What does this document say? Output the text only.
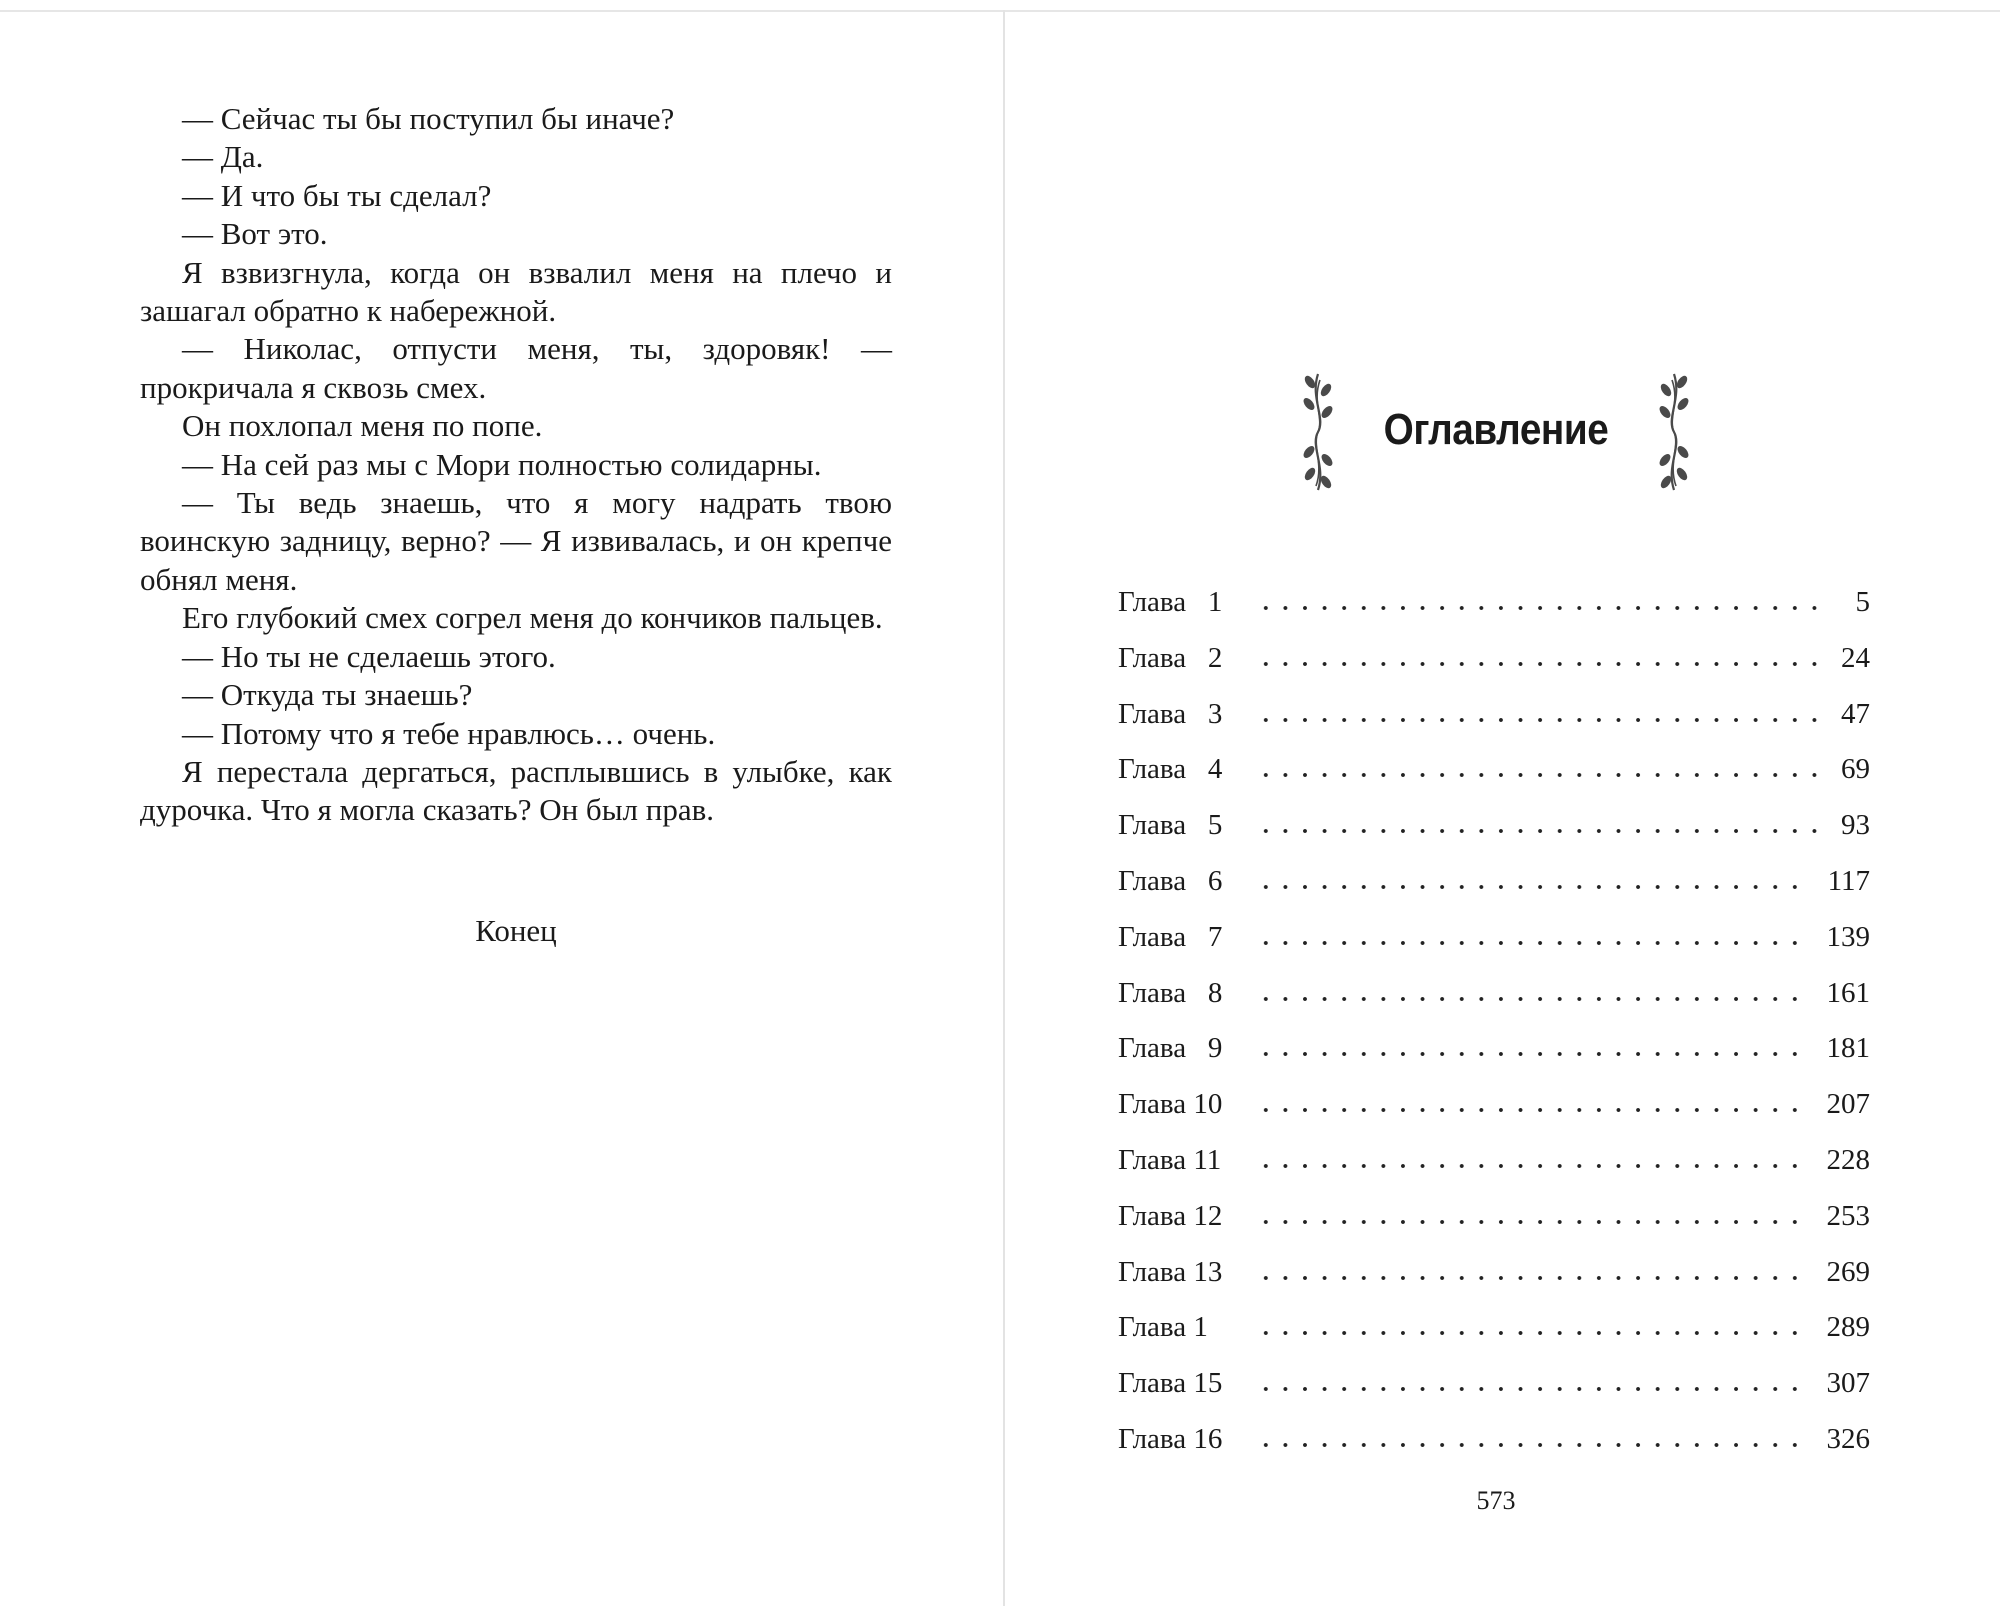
— Сейчас ты бы поступил бы иначе?

— Да.

— И что бы ты сделал?

— Вот это.

Я взвизгнула, когда он взвалил меня на плечо и зашагал обратно к набережной.

— Николас, отпусти меня, ты, здоровяк! — прокричала я сквозь смех.

Он похлопал меня по попе.

— На сей раз мы с Мори полностью солидарны.

— Ты ведь знаешь, что я могу надрать твою воинскую задницу, верно? — Я извивалась, и он крепче обнял меня.

Его глубокий смех согрел меня до кончиков пальцев.

— Но ты не сделаешь этого.

— Откуда ты знаешь?

— Потому что я тебе нравлюсь… очень.

Я перестала дергаться, расплывшись в улыбке, как дурочка. Что я могла сказать? Он был прав.

Конец
Оглавление
Глава   1	5
Глава   2	24
Глава   3	47
Глава   4	69
Глава   5	93
Глава   6	117
Глава   7	139
Глава   8	161
Глава   9	181
Глава 10	207
Глава 11	228
Глава 12	253
Глава 13	269
Глава 1	289
Глава 15	307
Глава 16	326
573
